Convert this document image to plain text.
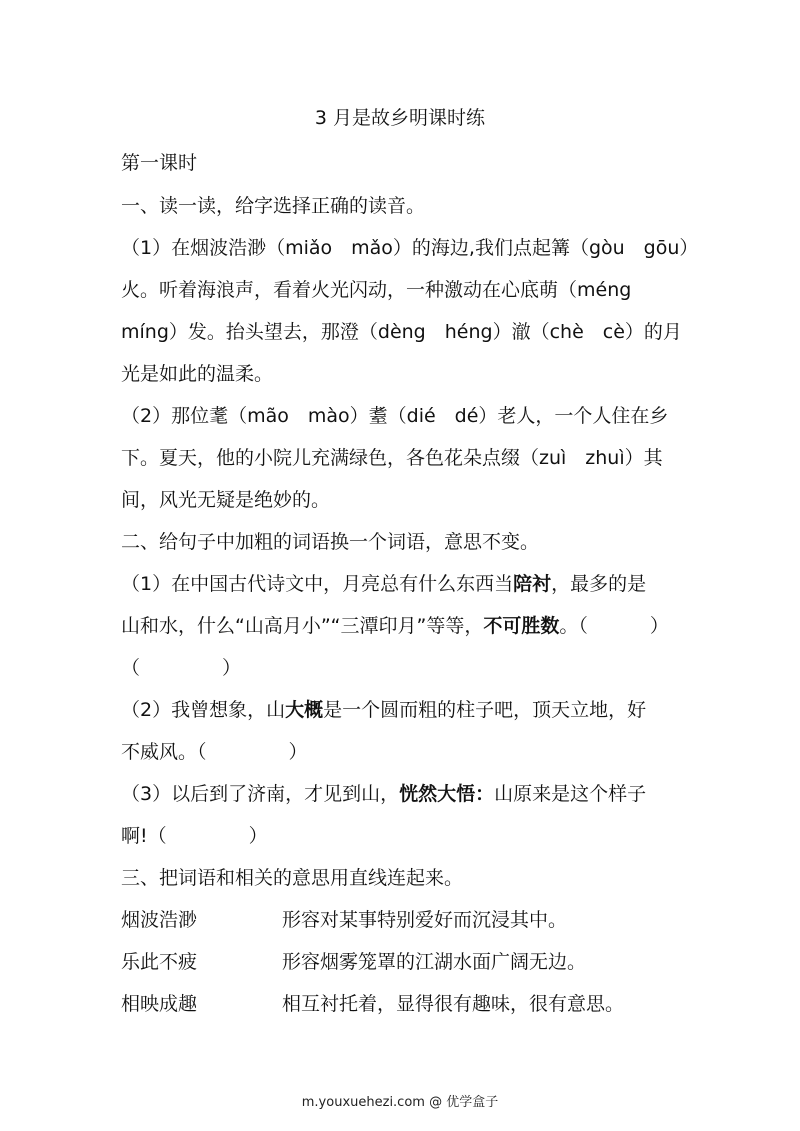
3 月是故乡明课时练
第一课时
一、读一读，给字选择正确的读音。
（1）在烟波浩渺（miǎo　mǎo）的海边,我们点起篝（gòu　gōu）
火。听着海浪声，看着火光闪动，一种激动在心底萌（méng
míng）发。抬头望去，那澄（dèng　héng）澈（chè　cè）的月
光是如此的温柔。
（2）那位耄（mão　mào）耋（dié　dé）老人，一个人住在乡
下。夏天，他的小院儿充满绿色，各色花朵点缀（zuì　zhuì）其
间，风光无疑是绝妙的。
二、给句子中加粗的词语换一个词语，意思不变。
（1）在中国古代诗文中，月亮总有什么东西当陪衬，最多的是
山和水，什么“山高月小”“三潭印月”等等，不可胜数。（	）
（	）
（2）我曾想象，山大概是一个圆而粗的柱子吧，顶天立地，好
不威风。（	）
（3）以后到了济南，才见到山，恍然大悟：山原来是这个样子
啊!（	）
三、把词语和相关的意思用直线连起来。
烟波浩渺	形容对某事特别爱好而沉浸其中。
乐此不疲	形容烟雾笼罩的江湖水面广阔无边。
相映成趣	相互衬托着，显得很有趣味，很有意思。
m.youxuehezi.com @ 优学盒子
